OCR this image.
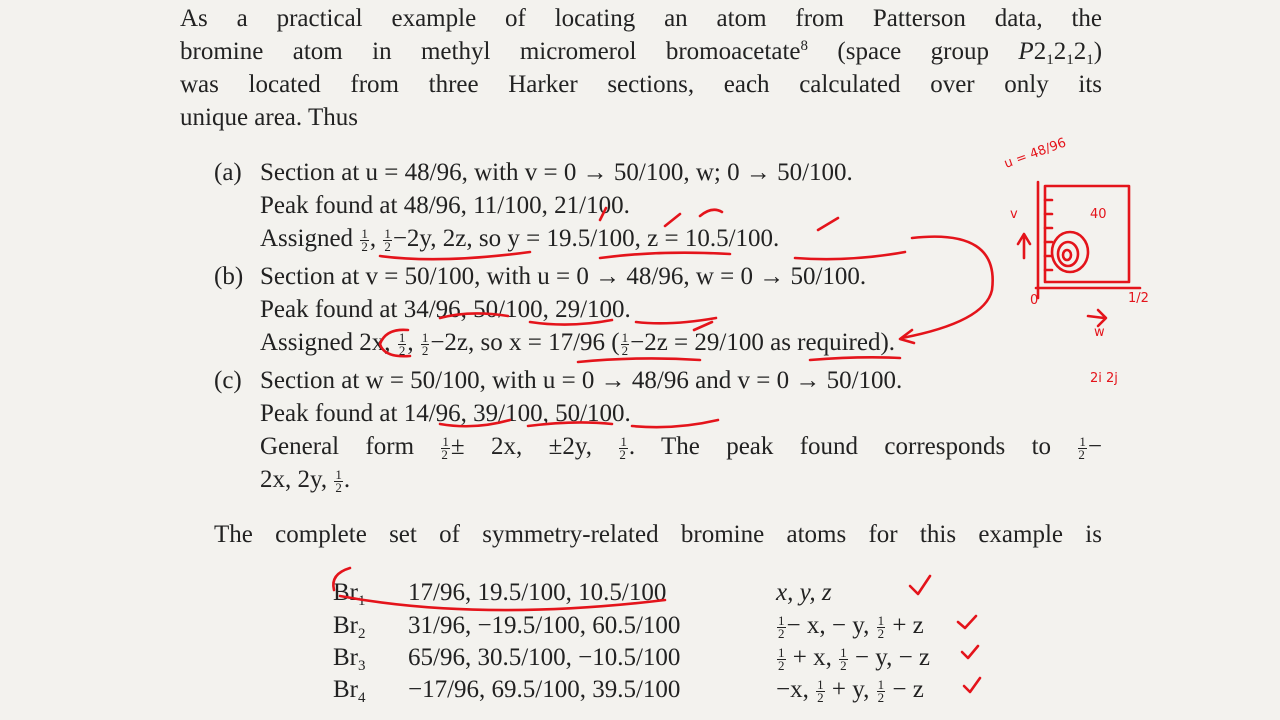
As a practical example of locating an atom from Patterson data, the
bromine atom in methyl micromerol bromoacetate$^8$ (space group $P2_12_12_1$)
was located from three Harker sections, each calculated over only its
unique area. Thus
(a) Section at u = 48/96, with v = 0 → 50/100, w; 0 → 50/100.
Peak found at 48/96, 11/100, 21/100.
Assigned $\frac{1}{2}$ , $\frac{1}{2} -2y$, 2z, so y = 19.5/100, z = 10.5/100.
(b) Section at v = 50/100, with u = 0 → 48/96, w = 0 → 50/100.
Peak found at 34/96, 50/100, 29/100.
Assigned 2x, $\frac{1}{2}$ , $\frac{1}{2} -2z$, so x = 17/96 ( $\frac{1}{2} -2z = 29/100$ as required).
(c) Section at w = 50/100, with u = 0 → 48/96 and v = 0 → 50/100.
Peak found at 14/96, 39/100, 50/100.
General form $\frac{1}{2} \pm 2x$, ±2y, $\frac{1}{2}$ . The peak found corresponds to $\frac{1}{2}$ −
2x, 2y, $\frac{1}{2}$ .
The complete set of symmetry-related bromine atoms for this example is
$Br_1$ 17/96, 19.5/100, 10.5/100	x, y, z
$Br_2$ 31/96, −19.5/100, 60.5/100	$\frac{1}{2} - x$, − y, $\frac{1}{2} + z$
$Br_3$ 65/96, 30.5/100, −10.5/100	$\frac{1}{2} + x$, $\frac{1}{2} - y$, − z
$Br_4 -17/96$, 69.5/100, 39.5/100	−x, $\frac{1}{2} + y$, $\frac{1}{2} - z$
u = 48/96
v
w
0	1/2
40
2i 2j
